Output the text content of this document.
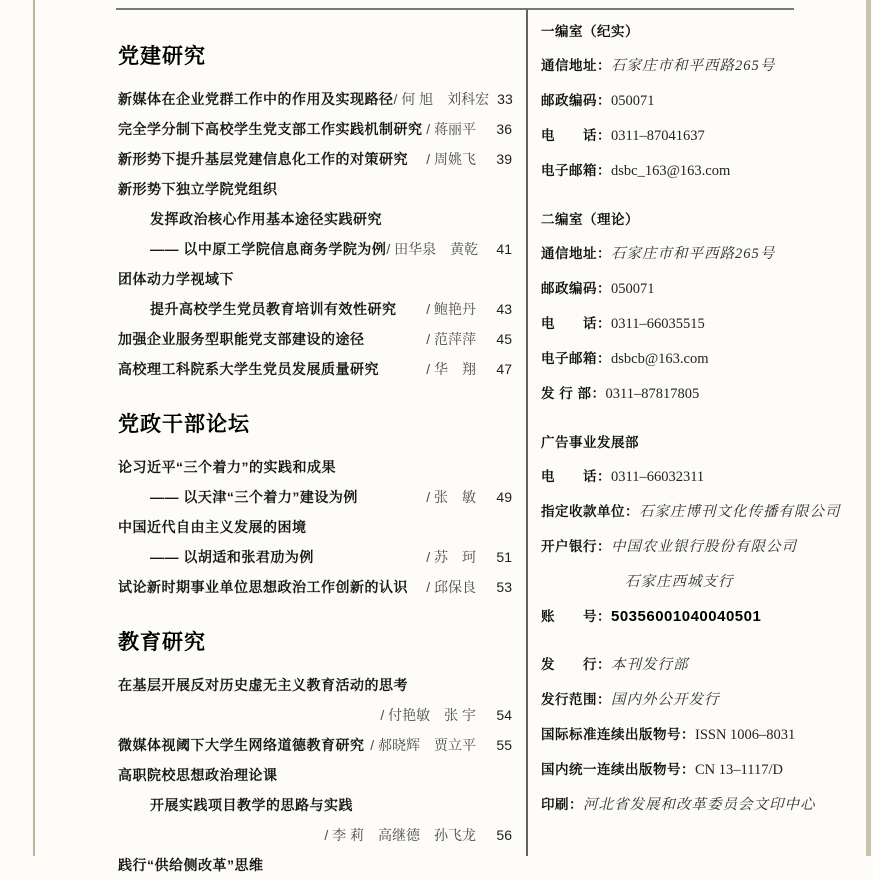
党建研究
新媒体在企业党群工作中的作用及实现路径 / 何 旭　刘科宏 33
完全学分制下高校学生党支部工作实践机制研究 / 蒋丽平	36
新形势下提升基层党建信息化工作的对策研究 / 周姚飞	39
新形势下独立学院党组织
发挥政治核心作用基本途径实践研究
—— 以中原工学院信息商务学院为例 / 田华泉　黄乾	41
团体动力学视域下
提升高校学生党员教育培训有效性研究 / 鲍艳丹	43
加强企业服务型职能党支部建设的途径	/ 范萍萍	45
高校理工科院系大学生党员发展质量研究	/ 华　翔	47
党政干部论坛
论习近平“三个着力”的实践和成果
—— 以天津“三个着力”建设为例	/ 张　敏	49
中国近代自由主义发展的困境
—— 以胡适和张君劢为例	/ 苏　珂	51
试论新时期事业单位思想政治工作创新的认识 / 邱保良	53
教育研究
在基层开展反对历史虚无主义教育活动的思考
/ 付艳敏　张 宇	54
微媒体视阈下大学生网络道德教育研究 / 郝晓辉　贾立平	55
高职院校思想政治理论课
开展实践项目教学的思路与实践
/ 李 莉　高继德　孙飞龙	56
践行“供给侧改革”思维
一编室（纪实）
通信地址：石家庄市和平西路265号
邮政编码：050071
电　　话：0311–87041637
电子邮箱：dsbc_163@163.com
二编室（理论）
通信地址：石家庄市和平西路265号
邮政编码：050071
电　　话：0311–66035515
电子邮箱：dsbcb@163.com
发 行 部：0311–87817805
广告事业发展部
电　　话：0311–66032311
指定收款单位：石家庄博刊文化传播有限公司
开户银行：中国农业银行股份有限公司
石家庄西城支行
账　　号：50356001040040501
发　　行：本刊发行部
发行范围：国内外公开发行
国际标准连续出版物号：ISSN 1006–8031
国内统一连续出版物号：CN 13–1117/D
印刷：河北省发展和改革委员会文印中心
